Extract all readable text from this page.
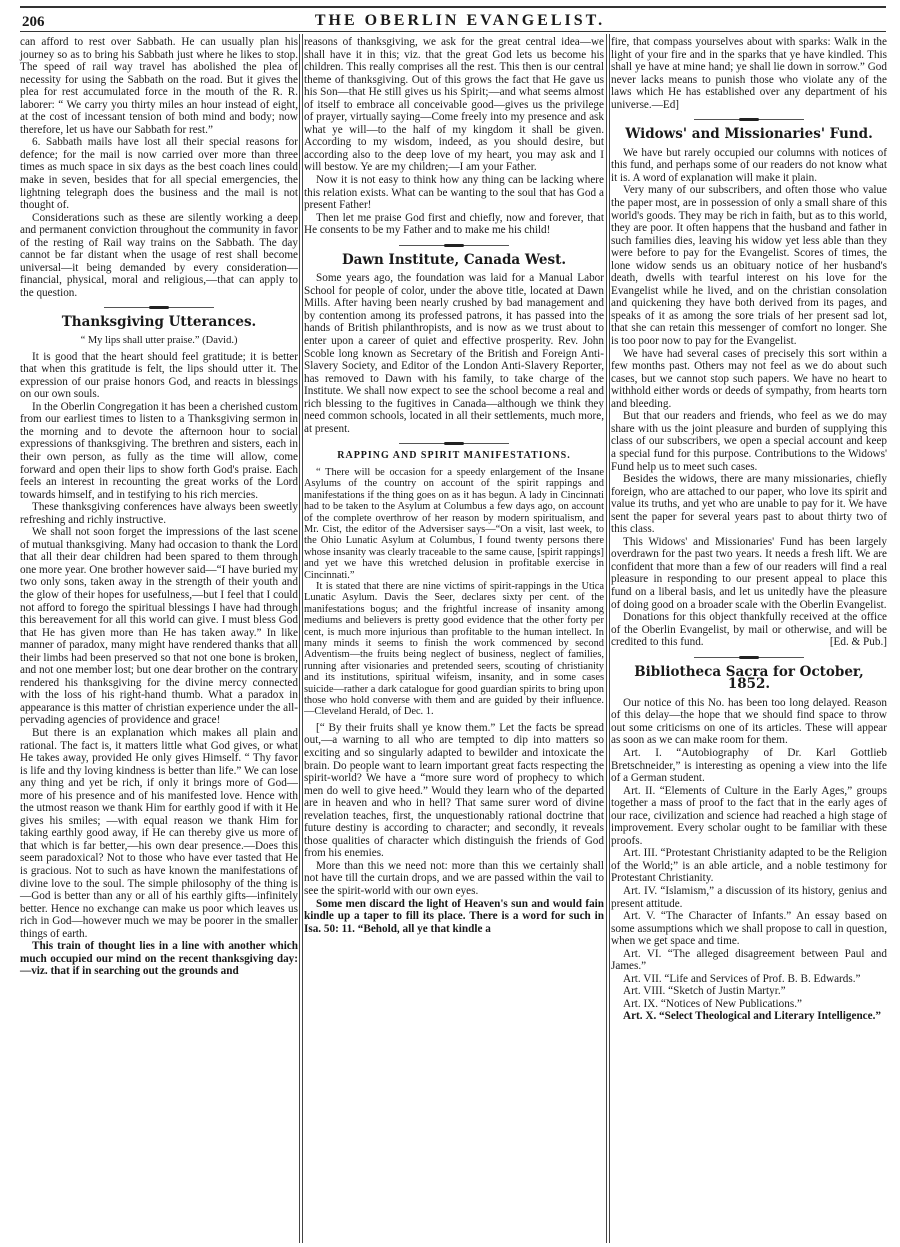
206	THE OBERLIN EVANGELIST.

can afford to rest over Sabbath. He can usually plan his journey so as to bring his Sabbath just where he likes to stop. The speed of rail way travel has abolished the plea of necessity for using the Sabbath on the road. But it gives the plea for rest accumulated force in the mouth of the R. R. laborer: “ We carry you thirty miles an hour instead of eight, at the cost of incessant tension of both mind and body; now therefore, let us have our Sabbath for rest.”

6. Sabbath mails have lost all their special reasons for defence; for the mail is now carried over more than three times as much space in six days as the best coach lines could make in seven, besides that for all special emergencies, the lightning telegraph does the business and the mail is not thought of.

Considerations such as these are silently working a deep and permanent conviction throughout the community in favor of the resting of Rail way trains on the Sabbath. The day cannot be far distant when the usage of rest shall become universal—it being demanded by every consideration—financial, physical, moral and religious,—that can apply to the question.

Thanksgiving Utterances.
“ My lips shall utter praise.” (David.)

It is good that the heart should feel gratitude; it is better that when this gratitude is felt, the lips should utter it. The expression of our praise honors God, and reacts in blessings on our own souls.

In the Oberlin Congregation it has been a cherished custom from our earliest times to listen to a Thanksgiving sermon in the morning and to devote the afternoon hour to social expressions of thanksgiving. The brethren and sisters, each in their own person, as fully as the time will allow, come forward and open their lips to show forth God's praise. Each feels an interest in recounting the great works of the Lord towards himself, and in testifying to his rich mercies.

These thanksgiving conferences have always been sweetly refreshing and richly instructive.

We shall not soon forget the impressions of the last scene of mutual thanksgiving. Many had occasion to thank the Lord that all their dear children had been spared to them through one more year. One brother however said—“I have buried my two only sons, taken away in the strength of their youth and the glow of their hopes for usefulness,—but I feel that I could not afford to forego the spiritual blessings I have had through this bereavement for all this world can give. I must bless God that He has given more than He has taken away.” In like manner of paradox, many might have rendered thanks that all their limbs had been preserved so that not one bone is broken, and not one member lost; but one dear brother on the contrary rendered his thanksgiving for the divine mercy connected with the loss of his right-hand thumb. What a paradox in appearance is this matter of christian experience under the all-pervading agencies of providence and grace!

But there is an explanation which makes all plain and rational. The fact is, it matters little what God gives, or what He takes away, provided He only gives Himself. “ Thy favor is life and thy loving kindness is better than life.” We can lose any thing and yet be rich, if only it brings more of God—more of his presence and of his manifested love. Hence with the utmost reason we thank Him for earthly good if with it He gives his smiles; —with equal reason we thank Him for taking earthly good away, if He can thereby give us more of that which is far better,—his own dear presence.—Does this seem paradoxical? Not to those who have ever tasted that He is gracious. Not to such as have known the manifestations of divine love to the soul. The simple philosophy of the thing is—God is better than any or all of his earthly gifts—infinitely better. Hence no exchange can make us poor which leaves us rich in God—however much we may be poorer in the smaller things of earth.

This train of thought lies in a line with another which much occupied our mind on the recent thanksgiving day:—viz. that if in searching out the grounds and

reasons of thanksgiving, we ask for the great central idea—we shall have it in this; viz. that the great God lets us become his children. This really comprises all the rest. This then is our central theme of thanksgiving. Out of this grows the fact that He gave us his Son—that He still gives us his Spirit;—and what seems almost of itself to embrace all conceivable good—gives us the privilege of prayer, virtually saying—Come freely into my presence and ask what ye will—to the half of my kingdom it shall be given. According to my wisdom, indeed, as you should desire, but according also to the deep love of my heart, you may ask and I will bestow. Ye are my children;—I am your Father.

Now it is not easy to think how any thing can be lacking where this relation exists. What can be wanting to the soul that has God a present Father!

Then let me praise God first and chiefly, now and forever, that He consents to be my Father and to make me his child!

Dawn Institute, Canada West.

Some years ago, the foundation was laid for a Manual Labor School for people of color, under the above title, located at Dawn Mills. After having been nearly crushed by bad management and by contention among its professed patrons, it has passed into the hands of British philanthropists, and is now as we trust about to enter upon a career of quiet and effective prosperity. Rev. John Scoble long known as Secretary of the British and Foreign Anti-Slavery Society, and Editor of the London Anti-Slavery Reporter, has removed to Dawn with his family, to take charge of the Institute. We shall now expect to see the school become a real and rich blessing to the fugitives in Canada—although we think they need common schools, located in all their settlements, much more, at present.

RAPPING AND SPIRIT MANIFESTATIONS.

“ There will be occasion for a speedy enlargement of the Insane Asylums of the country on account of the spirit rappings and manifestations if the thing goes on as it has begun. A lady in Cincinnati had to be taken to the Asylum at Columbus a few days ago, on account of the complete overthrow of her reason by modern spiritualism, and Mr. Cist, the editor of the Adversiser says—“On a visit, last week, to the Ohio Lunatic Asylum at Columbus, I found twenty persons there whose insanity was clearly traceable to the same cause, [spirit rappings] and yet we have this wretched delusion in profitable exercise in Cincinnati.”

It is stated that there are nine victims of spirit-rappings in the Utica Lunatic Asylum. Davis the Seer, declares sixty per cent. of the manifestations bogus; and the frightful increase of insanity among mediums and believers is pretty good evidence that the other forty per cent, is much more injurious than profitable to the human intellect. In many minds it seems to finish the work commenced by second Adventism—the fruits being neglect of business, neglect of families, running after visionaries and pretended seers, scouting of christianity and its institutions, spiritual wifeism, insanity, and in some cases suicide—rather a dark catalogue for good guardian spirits to bring upon those who hold converse with them and are guided by their influence.—Cleveland Herald, of Dec. 1.

[“ By their fruits shall ye know them.” Let the facts be spread out,—a warning to all who are tempted to dip into matters so exciting and so singularly adapted to bewilder and intoxicate the brain. Do people want to learn important great facts respecting the spirit-world? We have a “more sure word of prophecy to which men do well to give heed.” Would they learn who of the departed are in heaven and who in hell? That same surer word of divine revelation teaches, first, the unquestionably rational doctrine that future destiny is according to character; and secondly, it reveals those qualities of character which distinguish the friends of God from his enemies.

More than this we need not: more than this we certainly shall not have till the curtain drops, and we are passed within the vail to see the spirit-world with our own eyes.

Some men discard the light of Heaven's sun and would fain kindle up a taper to fill its place. There is a word for such in Isa. 50: 11. “Behold, all ye that kindle a

fire, that compass yourselves about with sparks: Walk in the light of your fire and in the sparks that ye have kindled. This shall ye have at mine hand; ye shall lie down in sorrow.” God never lacks means to punish those who violate any of the laws which He has established over any department of his universe.—Ed]

Widows' and Missionaries' Fund.

We have but rarely occupied our columns with notices of this fund, and perhaps some of our readers do not know what it is. A word of explanation will make it plain.

Very many of our subscribers, and often those who value the paper most, are in possession of only a small share of this world's goods. They may be rich in faith, but as to this world, they are poor. It often happens that the husband and father in such families dies, leaving his widow yet less able than they were before to pay for the Evangelist. Scores of times, the lone widow sends us an obituary notice of her husband's death, dwells with tearful interest on his love for the Evangelist while he lived, and on the christian consolation and quickening they have both derived from its pages, and speaks of it as among the sore trials of her present sad lot, that she can retain this messenger of comfort no longer. She is too poor now to pay for the Evangelist.

We have had several cases of precisely this sort within a few months past. Others may not feel as we do about such cases, but we cannot stop such papers. We have no heart to withhold either words or deeds of sympathy, from hearts torn and bleeding.

But that our readers and friends, who feel as we do may share with us the joint pleasure and burden of supplying this class of our subscribers, we open a special account and keep a special fund for this purpose. Contributions to the Widows' Fund help us to meet such cases.

Besides the widows, there are many missionaries, chiefly foreign, who are attached to our paper, who love its spirit and value its truths, and yet who are unable to pay for it. We have sent the paper for several years past to about thirty two of this class.

This Widows' and Missionaries' Fund has been largely overdrawn for the past two years. It needs a fresh lift. We are confident that more than a few of our readers will find a real pleasure in responding to our present appeal to place this fund on a liberal basis, and let us unitedly have the pleasure of doing good on a broader scale with the Oberlin Evangelist.

Donations for this object thankfully received at the office of the Oberlin Evangelist, by mail or otherwise, and will be credited to this fund.	[Ed. & Pub.]

Bibliotheca Sacra for October, 1852.

Our notice of this No. has been too long delayed. Reason of this delay—the hope that we should find space to throw out some criticisms on one of its articles. These will appear as soon as we can make room for them.

Art. I. “Autobiography of Dr. Karl Gottlieb Bretschneider,” is interesting as opening a view into the life of a German student.

Art. II. “Elements of Culture in the Early Ages,” groups together a mass of proof to the fact that in the early ages of our race, civilization and science had reached a high stage of improvement. Every scholar ought to be familiar with these proofs.

Art. III. “Protestant Christianity adapted to be the Religion of the World;” is an able article, and a noble testimony for Protestant Christianity.

Art. IV. “Islamism,” a discussion of its history, genius and present attitude.

Art. V. “The Character of Infants.” An essay based on some assumptions which we shall propose to call in question, when we get space and time.

Art. VI. “The alleged disagreement between Paul and James.”

Art. VII. “Life and Services of Prof. B. B. Edwards.”

Art. VIII. “Sketch of Justin Martyr.”

Art. IX. “Notices of New Publications.”

Art. X. “Select Theological and Literary Intelligence.”
